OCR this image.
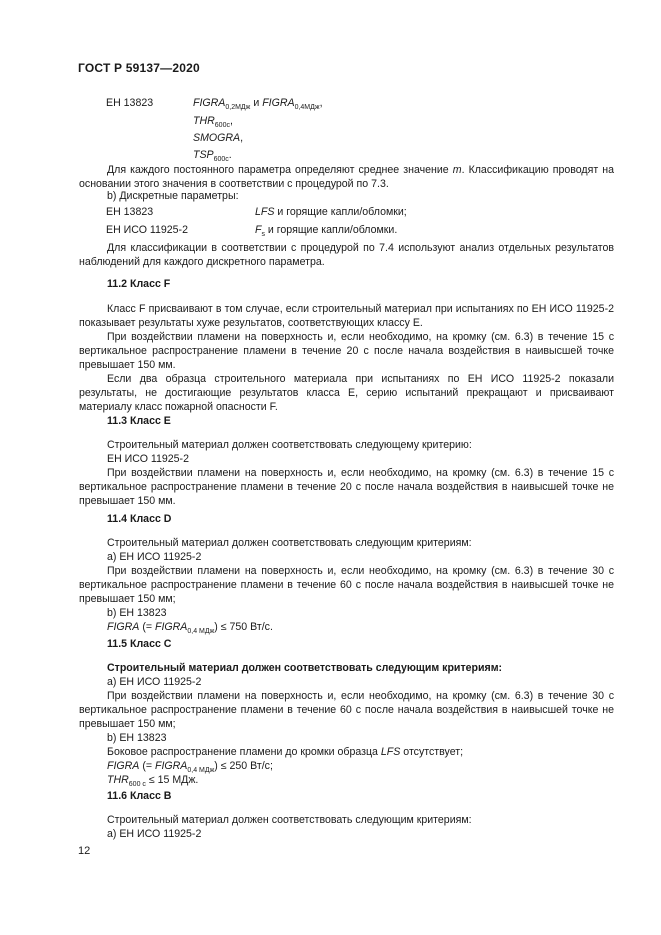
ГОСТ Р 59137—2020
ЕН 13823	$FIGRA_{0,2МДж}$ и $FIGRA_{0,4МДж}$,
$THR_{600с}$,
SMOGRA,
$TSP_{600с}$.

Для каждого постоянного параметра определяют среднее значение m. Классификацию проводят на основании этого значения в соответствии с процедурой по 7.3.

b) Дискретные параметры:

ЕН 13823	LFS и горящие капли/обломки;
ЕН ИСО 11925-2	$F_s$ и горящие капли/обломки.

Для классификации в соответствии с процедурой по 7.4 используют анализ отдельных результатов наблюдений для каждого дискретного параметра.

11.2 Класс F

Класс F присваивают в том случае, если строительный материал при испытаниях по ЕН ИСО 11925-2 показывает результаты хуже результатов, соответствующих классу Е.

При воздействии пламени на поверхность и, если необходимо, на кромку (см. 6.3) в течение 15 с вертикальное распространение пламени в течение 20 с после начала воздействия в наивысшей точке превышает 150 мм.

Если два образца строительного материала при испытаниях по ЕН ИСО 11925-2 показали результаты, не достигающие результатов класса Е, серию испытаний прекращают и присваивают материалу класс пожарной опасности F.

11.3 Класс Е

Строительный материал должен соответствовать следующему критерию:

ЕН ИСО 11925-2

При воздействии пламени на поверхность и, если необходимо, на кромку (см. 6.3) в течение 15 с вертикальное распространение пламени в течение 20 с после начала воздействия в наивысшей точке не превышает 150 мм.

11.4 Класс D

Строительный материал должен соответствовать следующим критериям:

а) ЕН ИСО 11925-2

При воздействии пламени на поверхность и, если необходимо, на кромку (см. 6.3) в течение 30 с вертикальное распространение пламени в течение 60 с после начала воздействия в наивысшей точке не превышает 150 мм;

b) ЕН 13823

FIGRA (= $FIGRA_{0,4 МДж}) \le 750$ Вт/с.

11.5 Класс С

Строительный материал должен соответствовать следующим критериям:

а) ЕН ИСО 11925-2

При воздействии пламени на поверхность и, если необходимо, на кромку (см. 6.3) в течение 30 с вертикальное распространение пламени в течение 60 с после начала воздействия в наивысшей точке не превышает 150 мм;

b) ЕН 13823

Боковое распространение пламени до кромки образца LFS отсутствует;

FIGRA (= $FIGRA_{0,4 МДж}) \le 250$ Вт/с;

$THR_{600 с} \le 15$ МДж.

11.6 Класс В

Строительный материал должен соответствовать следующим критериям:

а) ЕН ИСО 11925-2

12
